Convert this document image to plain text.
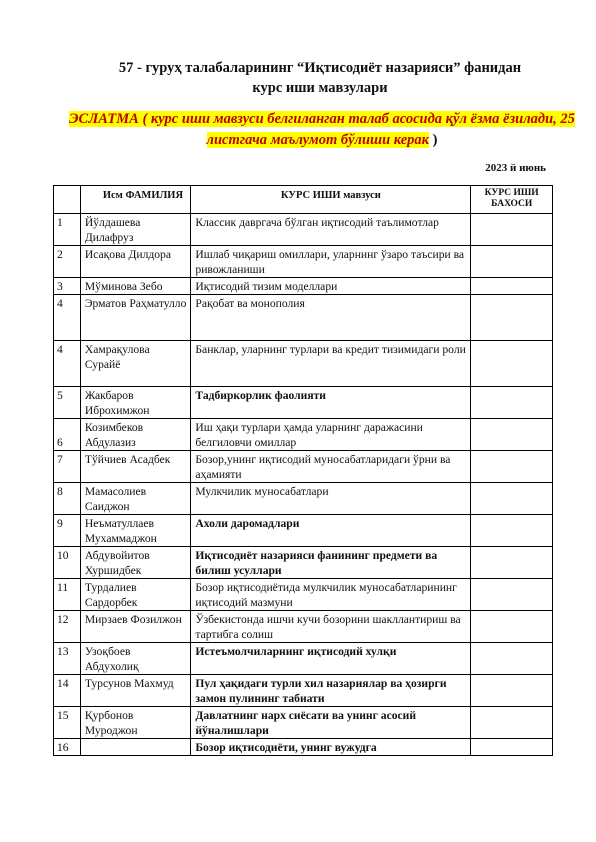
57 - гуруҳ талабаларининг “Иқтисодиёт назарияси” фанидан
курс иши мавзулари
ЭСЛАТМА ( курс иши мавзуси белгиланган талаб асосида қўл ёзма ёзилади, 25 листгача маълумот бўлиши керак )
2023 й июнь
	Исм ФАМИЛИЯ	КУРС ИШИ мавзуси	КУРС ИШИ БАХОСИ
1	Йўлдашева Дилафруз	Классик давргача бўлган иқтисодий таълимотлар	
2	Исақова Дилдора	Ишлаб чиқариш омиллари, уларнинг ўзаро таъсири ва ривожланиши	
3	Мўминова Зебо	Иқтисодий тизим моделлари	
4	Эрматов Раҳматулло	Рақобат ва монополия	
4	Хамрақулова Сурайё	Банклар, уларнинг турлари ва кредит тизимидаги роли	
5	Жакбаров Иброхимжон	Тадбиркорлик фаолияти	
6	Козимбеков Абдулазиз	Иш ҳақи турлари ҳамда уларнинг даражасини белгиловчи омиллар	
7	Тўйчиев Асадбек	Бозор,унинг иқтисодий муносабатларидаги ўрни ва аҳамияти	
8	Мамасолиев Саиджон	Мулкчилик муносабатлари	
9	Неъматуллаев Мухаммаджон	Ахоли даромадлари	
10	Абдувойитов Хуршидбек	Иқтисодиёт назарияси фанининг предмети ва билиш усуллари	
11	Турдалиев Сардорбек	Бозор иқтисодиётида мулкчилик муносабатларининг иқтисодий мазмуни	
12	Мирзаев Фозилжон	Ўзбекистонда ишчи кучи бозорини шакллантириш ва тартибга солиш	
13	Узоқбоев Абдухолиқ	Истеъмолчиларнинг иқтисодий хулқи	
14	Турсунов Махмуд	Пул ҳақидаги турли хил назариялар ва ҳозирги замон пулининг табиати	
15	Қурбонов Муроджон	Давлатнинг нарх сиёсати ва унинг асосий йўналишлари	
16		Бозор иқтисодиёти, унинг вужудга	
